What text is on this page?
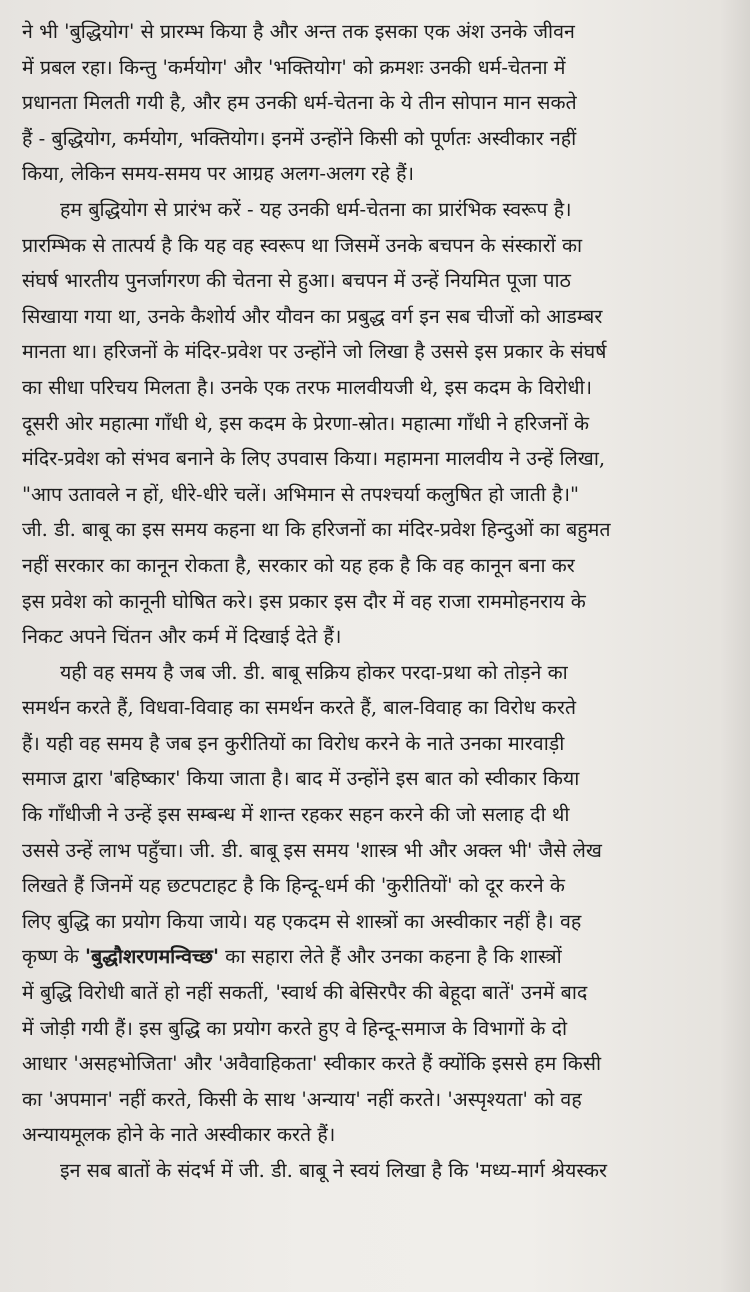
ने भी 'बुद्धियोग' से प्रारम्भ किया है और अन्त तक इसका एक अंश उनके जीवन
में प्रबल रहा। किन्तु 'कर्मयोग' और 'भक्तियोग' को क्रमशः उनकी धर्म-चेतना में
प्रधानता मिलती गयी है, और हम उनकी धर्म-चेतना के ये तीन सोपान मान सकते
हैं - बुद्धियोग, कर्मयोग, भक्तियोग। इनमें उन्होंने किसी को पूर्णतः अस्वीकार नहीं
किया, लेकिन समय-समय पर आग्रह अलग-अलग रहे हैं।
हम बुद्धियोग से प्रारंभ करें - यह उनकी धर्म-चेतना का प्रारंभिक स्वरूप है।
प्रारम्भिक से तात्पर्य है कि यह वह स्वरूप था जिसमें उनके बचपन के संस्कारों का
संघर्ष भारतीय पुनर्जागरण की चेतना से हुआ। बचपन में उन्हें नियमित पूजा पाठ
सिखाया गया था, उनके कैशोर्य और यौवन का प्रबुद्ध वर्ग इन सब चीजों को आडम्बर
मानता था। हरिजनों के मंदिर-प्रवेश पर उन्होंने जो लिखा है उससे इस प्रकार के संघर्ष
का सीधा परिचय मिलता है। उनके एक तरफ मालवीयजी थे, इस कदम के विरोधी।
दूसरी ओर महात्मा गाँधी थे, इस कदम के प्रेरणा-स्रोत। महात्मा गाँधी ने हरिजनों के
मंदिर-प्रवेश को संभव बनाने के लिए उपवास किया। महामना मालवीय ने उन्हें लिखा,
"आप उतावले न हों, धीरे-धीरे चलें। अभिमान से तपश्चर्या कलुषित हो जाती है।"
जी. डी. बाबू का इस समय कहना था कि हरिजनों का मंदिर-प्रवेश हिन्दुओं का बहुमत
नहीं सरकार का कानून रोकता है, सरकार को यह हक है कि वह कानून बना कर
इस प्रवेश को कानूनी घोषित करे। इस प्रकार इस दौर में वह राजा राममोहनराय के
निकट अपने चिंतन और कर्म में दिखाई देते हैं।
यही वह समय है जब जी. डी. बाबू सक्रिय होकर परदा-प्रथा को तोड़ने का
समर्थन करते हैं, विधवा-विवाह का समर्थन करते हैं, बाल-विवाह का विरोध करते
हैं। यही वह समय है जब इन कुरीतियों का विरोध करने के नाते उनका मारवाड़ी
समाज द्वारा 'बहिष्कार' किया जाता है। बाद में उन्होंने इस बात को स्वीकार किया
कि गाँधीजी ने उन्हें इस सम्बन्ध में शान्त रहकर सहन करने की जो सलाह दी थी
उससे उन्हें लाभ पहुँचा। जी. डी. बाबू इस समय 'शास्त्र भी और अक्ल भी' जैसे लेख
लिखते हैं जिनमें यह छटपटाहट है कि हिन्दू-धर्म की 'कुरीतियों' को दूर करने के
लिए बुद्धि का प्रयोग किया जाये। यह एकदम से शास्त्रों का अस्वीकार नहीं है। वह
कृष्ण के 'बुद्धौशरणमन्विच्छ' का सहारा लेते हैं और उनका कहना है कि शास्त्रों
में बुद्धि विरोधी बातें हो नहीं सकतीं, 'स्वार्थ की बेसिरपैर की बेहूदा बातें' उनमें बाद
में जोड़ी गयी हैं। इस बुद्धि का प्रयोग करते हुए वे हिन्दू-समाज के विभागों के दो
आधार 'असहभोजिता' और 'अवैवाहिकता' स्वीकार करते हैं क्योंकि इससे हम किसी
का 'अपमान' नहीं करते, किसी के साथ 'अन्याय' नहीं करते। 'अस्पृश्यता' को वह
अन्यायमूलक होने के नाते अस्वीकार करते हैं।
इन सब बातों के संदर्भ में जी. डी. बाबू ने स्वयं लिखा है कि 'मध्य-मार्ग श्रेयस्कर
